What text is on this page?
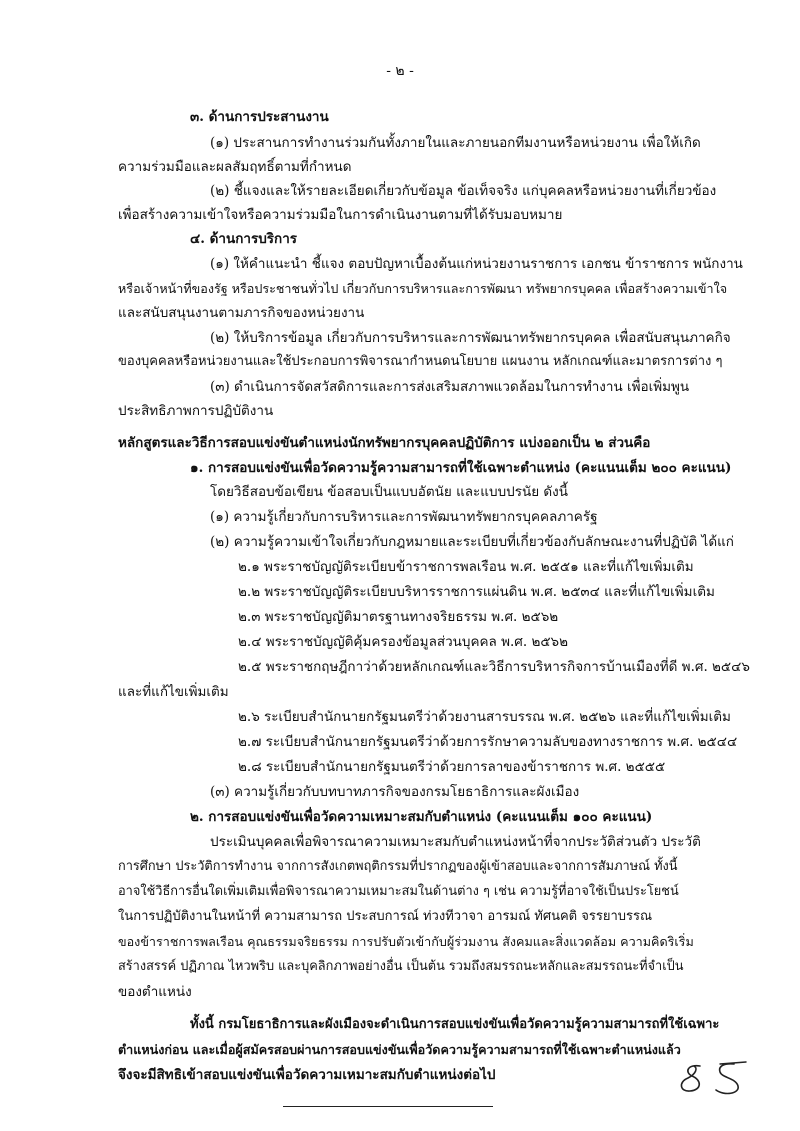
- ๒ -
๓. ด้านการประสานงาน
(๑) ประสานการทำงานร่วมกันทั้งภายในและภายนอกทีมงานหรือหน่วยงาน เพื่อให้เกิด
ความร่วมมือและผลสัมฤทธิ์ตามที่กำหนด
(๒) ชี้แจงและให้รายละเอียดเกี่ยวกับข้อมูล ข้อเท็จจริง แก่บุคคลหรือหน่วยงานที่เกี่ยวข้อง
เพื่อสร้างความเข้าใจหรือความร่วมมือในการดำเนินงานตามที่ได้รับมอบหมาย
๔. ด้านการบริการ
(๑) ให้คำแนะนำ ชี้แจง ตอบปัญหาเบื้องต้นแก่หน่วยงานราชการ เอกชน ข้าราชการ พนักงาน
หรือเจ้าหน้าที่ของรัฐ หรือประชาชนทั่วไป เกี่ยวกับการบริหารและการพัฒนา ทรัพยากรบุคคล เพื่อสร้างความเข้าใจ
และสนับสนุนงานตามภารกิจของหน่วยงาน
(๒) ให้บริการข้อมูล เกี่ยวกับการบริหารและการพัฒนาทรัพยากรบุคคล เพื่อสนับสนุนภาคกิจ
ของบุคคลหรือหน่วยงานและใช้ประกอบการพิจารณากำหนดนโยบาย แผนงาน หลักเกณฑ์และมาตรการต่าง ๆ
(๓) ดำเนินการจัดสวัสดิการและการส่งเสริมสภาพแวดล้อมในการทำงาน เพื่อเพิ่มพูน
ประสิทธิภาพการปฏิบัติงาน
หลักสูตรและวิธีการสอบแข่งขันตำแหน่งนักทรัพยากรบุคคลปฏิบัติการ แบ่งออกเป็น ๒ ส่วนคือ
๑. การสอบแข่งขันเพื่อวัดความรู้ความสามารถที่ใช้เฉพาะตำแหน่ง (คะแนนเต็ม ๒๐๐ คะแนน)
โดยวิธีสอบข้อเขียน ข้อสอบเป็นแบบอัตนัย และแบบปรนัย ดังนี้
(๑) ความรู้เกี่ยวกับการบริหารและการพัฒนาทรัพยากรบุคคลภาครัฐ
(๒) ความรู้ความเข้าใจเกี่ยวกับกฎหมายและระเบียบที่เกี่ยวข้องกับลักษณะงานที่ปฏิบัติ ได้แก่
๒.๑ พระราชบัญญัติระเบียบข้าราชการพลเรือน พ.ศ. ๒๕๕๑ และที่แก้ไขเพิ่มเติม
๒.๒ พระราชบัญญัติระเบียบบริหารราชการแผ่นดิน พ.ศ. ๒๕๓๔ และที่แก้ไขเพิ่มเติม
๒.๓ พระราชบัญญัติมาตรฐานทางจริยธรรม พ.ศ. ๒๕๖๒
๒.๔ พระราชบัญญัติคุ้มครองข้อมูลส่วนบุคคล พ.ศ. ๒๕๖๒
๒.๕ พระราชกฤษฎีกาว่าด้วยหลักเกณฑ์และวิธีการบริหารกิจการบ้านเมืองที่ดี พ.ศ. ๒๕๔๖
และที่แก้ไขเพิ่มเติม
๒.๖ ระเบียบสำนักนายกรัฐมนตรีว่าด้วยงานสารบรรณ พ.ศ. ๒๕๒๖ และที่แก้ไขเพิ่มเติม
๒.๗ ระเบียบสำนักนายกรัฐมนตรีว่าด้วยการรักษาความลับของทางราชการ พ.ศ. ๒๕๔๔
๒.๘ ระเบียบสำนักนายกรัฐมนตรีว่าด้วยการลาของข้าราชการ พ.ศ. ๒๕๕๕
(๓) ความรู้เกี่ยวกับบทบาทภารกิจของกรมโยธาธิการและผังเมือง
๒. การสอบแข่งขันเพื่อวัดความเหมาะสมกับตำแหน่ง (คะแนนเต็ม ๑๐๐ คะแนน)
ประเมินบุคคลเพื่อพิจารณาความเหมาะสมกับตำแหน่งหน้าที่จากประวัติส่วนตัว ประวัติ
การศึกษา ประวัติการทำงาน จากการสังเกตพฤติกรรมที่ปรากฏของผู้เข้าสอบและจากการสัมภาษณ์ ทั้งนี้
อาจใช้วิธีการอื่นใดเพิ่มเติมเพื่อพิจารณาความเหมาะสมในด้านต่าง ๆ เช่น ความรู้ที่อาจใช้เป็นประโยชน์
ในการปฏิบัติงานในหน้าที่ ความสามารถ ประสบการณ์ ท่วงทีวาจา อารมณ์ ทัศนคติ จรรยาบรรณ
ของข้าราชการพลเรือน คุณธรรมจริยธรรม การปรับตัวเข้ากับผู้ร่วมงาน สังคมและสิ่งแวดล้อม ความคิดริเริ่ม
สร้างสรรค์ ปฏิภาณ ไหวพริบ และบุคลิกภาพอย่างอื่น เป็นต้น รวมถึงสมรรถนะหลักและสมรรถนะที่จำเป็น
ของตำแหน่ง
ทั้งนี้ กรมโยธาธิการและผังเมืองจะดำเนินการสอบแข่งขันเพื่อวัดความรู้ความสามารถที่ใช้เฉพาะ
ตำแหน่งก่อน และเมื่อผู้สมัครสอบผ่านการสอบแข่งขันเพื่อวัดความรู้ความสามารถที่ใช้เฉพาะตำแหน่งแล้ว
จึงจะมีสิทธิเข้าสอบแข่งขันเพื่อวัดความเหมาะสมกับตำแหน่งต่อไป
